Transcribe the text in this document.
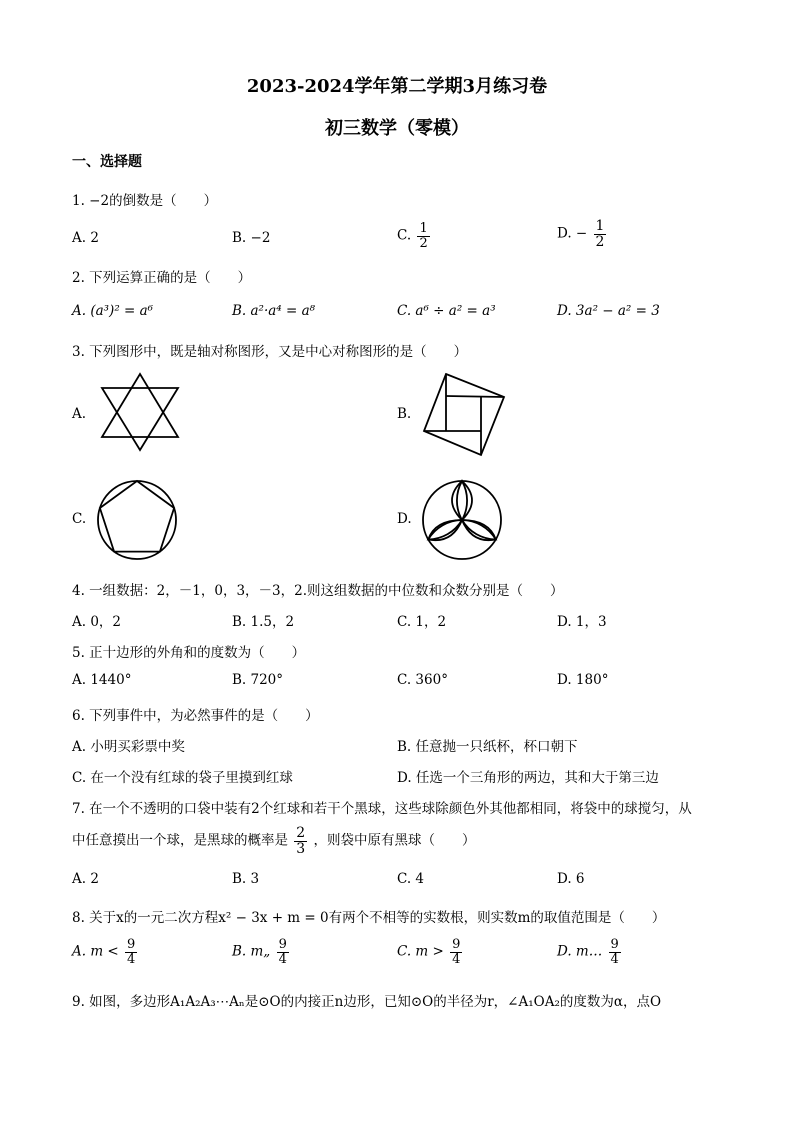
2023-2024学年第二学期3月练习卷
初三数学（零模）
一、选择题
1. −2的倒数是（　　）
A. 2	B. −2	C. $\frac{1}{2}$	D. − $\frac{1}{2}$
2. 下列运算正确的是（　　）
A. (a³)² = a⁶	B. a²·a⁴ = a⁸	C. a⁶ ÷ a² = a³	D. 3a² − a² = 3
3. 下列图形中，既是轴对称图形，又是中心对称图形的是（　　）
A.	B.
C.	D.
4. 一组数据：2，－1，0，3，－3，2.则这组数据的中位数和众数分别是（　　）
A. 0，2	B. 1.5，2	C. 1，2	D. 1，3
5. 正十边形的外角和的度数为（　　）
A. 1440°	B. 720°	C. 360°	D. 180°
6. 下列事件中，为必然事件的是（　　）
A. 小明买彩票中奖	B. 任意抛一只纸杯，杯口朝下
C. 在一个没有红球的袋子里摸到红球	D. 任选一个三角形的两边，其和大于第三边
7. 在一个不透明的口袋中装有2个红球和若干个黑球，这些球除颜色外其他都相同，将袋中的球搅匀，从
中任意摸出一个球，是黑球的概率是 $\frac{2}{3}$ ，则袋中原有黑球（　　）
A. 2	B. 3	C. 4	D. 6
8. 关于x的一元二次方程x² − 3x + m = 0有两个不相等的实数根，则实数m的取值范围是（　　）
A. $m < \frac{9}{4}$	B. m„ $\frac{9}{4}$	C. $m > \frac{9}{4}$	D. m… $\frac{9}{4}$
9. 如图，多边形A₁A₂A₃⋯Aₙ是⊙O的内接正n边形，已知⊙O的半径为r，∠A₁OA₂的度数为α，点O
